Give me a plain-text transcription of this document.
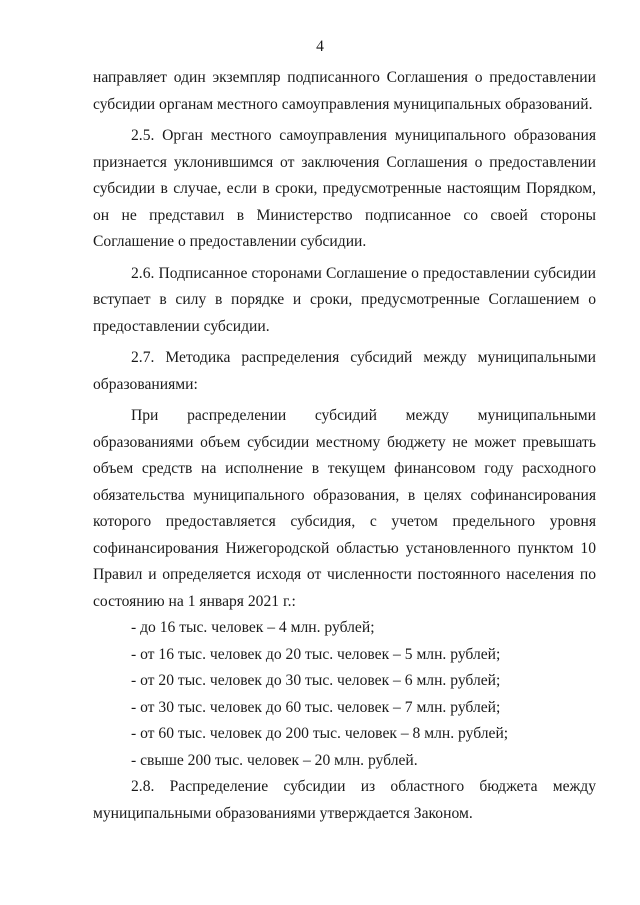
4

направляет один экземпляр подписанного Соглашения о предоставлении субсидии органам местного самоуправления муниципальных образований.

2.5. Орган местного самоуправления муниципального образования признается уклонившимся от заключения Соглашения о предоставлении субсидии в случае, если в сроки, предусмотренные настоящим Порядком, он не представил в Министерство подписанное со своей стороны Соглашение о предоставлении субсидии.

2.6. Подписанное сторонами Соглашение о предоставлении субсидии вступает в силу в порядке и сроки, предусмотренные Соглашением о предоставлении субсидии.

2.7. Методика распределения субсидий между муниципальными образованиями:

При распределении субсидий между муниципальными образованиями объем субсидии местному бюджету не может превышать объем средств на исполнение в текущем финансовом году расходного обязательства муниципального образования, в целях софинансирования которого предоставляется субсидия, с учетом предельного уровня софинансирования Нижегородской областью установленного пунктом 10 Правил и определяется исходя от численности постоянного населения по состоянию на 1 января 2021 г.:

- до 16 тыс. человек – 4 млн. рублей;
- от 16 тыс. человек до 20 тыс. человек – 5 млн. рублей;
- от 20 тыс. человек до 30 тыс. человек – 6 млн. рублей;
- от 30 тыс. человек до 60 тыс. человек – 7 млн. рублей;
- от 60 тыс. человек до 200 тыс. человек – 8 млн. рублей;
- свыше 200 тыс. человек – 20 млн. рублей.

2.8. Распределение субсидии из областного бюджета между муниципальными образованиями утверждается Законом.
